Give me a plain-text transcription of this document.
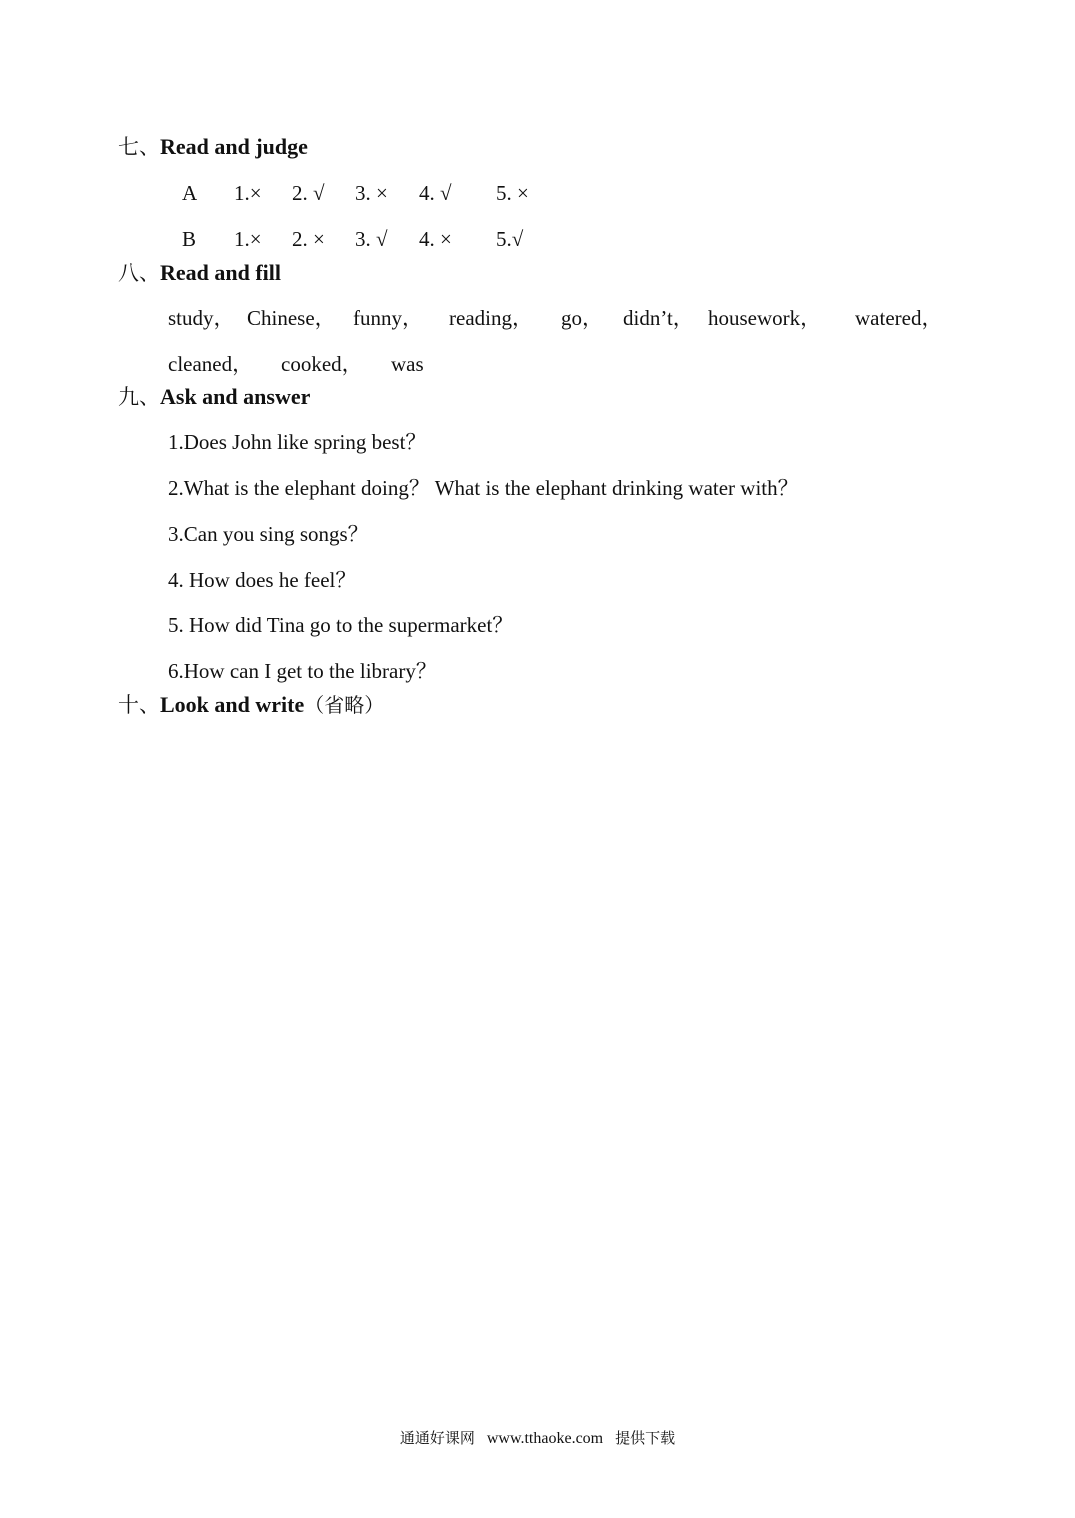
七、Read and judge
A 1.× 2. √ 3. × 4. √ 5. ×
B 1.× 2. × 3. √ 4. × 5.√
八、Read and fill
study， Chinese， funny， reading， go， didn’t， housework， watered，
cleaned， cooked， was
九、Ask and answer
1.Does John like spring best？
2.What is the elephant doing？ What is the elephant drinking water with？
3.Can you sing songs？
4. How does he feel？
5. How did Tina go to the supermarket？
6.How can I get to the library？
十、Look and write（省略）
通通好课网 www.tthaoke.com 提供下载
